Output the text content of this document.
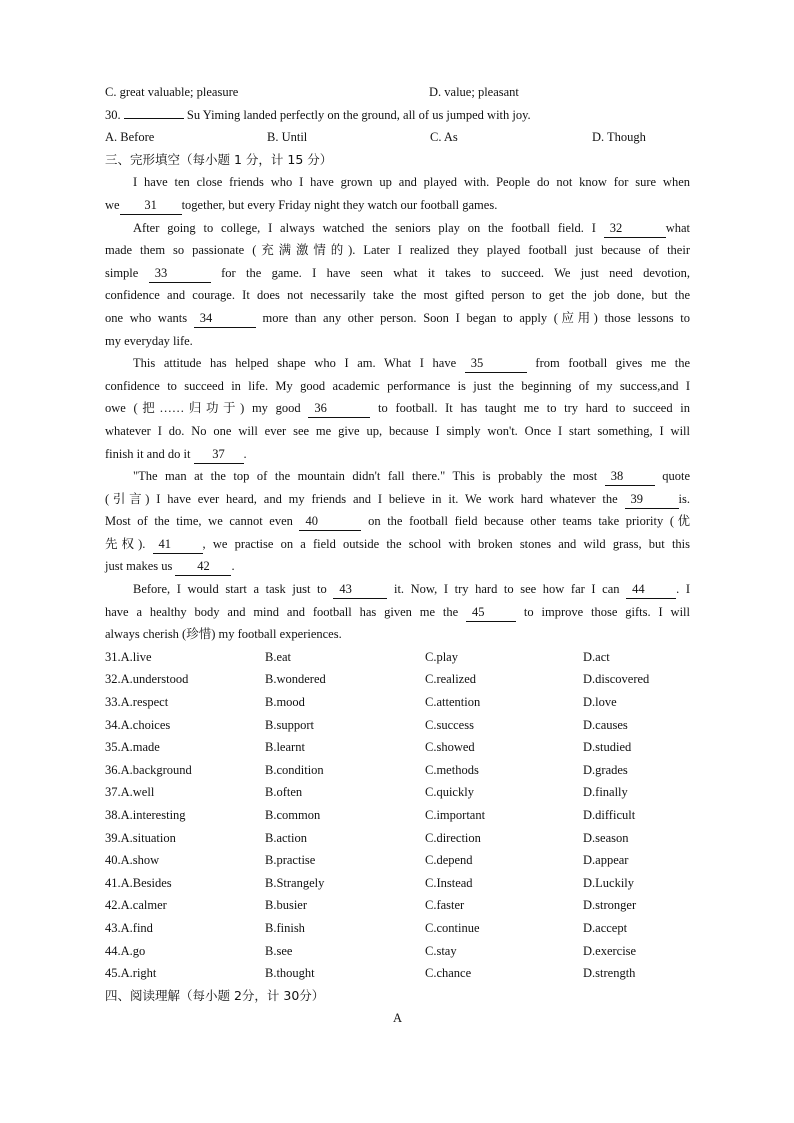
C. great valuable; pleasure	D. value; pleasant
30.	Su Yiming landed perfectly on the ground, all of us jumped with joy.
A. Before	B. Until	C. As	D. Though
三、完形填空（每小题 1 分，计 15 分）
I have ten close friends who I have grown up and played with. People do not know for sure when
we 31 together, but every Friday night they watch our football games.
After going to college, I always watched the seniors play on the football field. I 32	what
made them so passionate (充满激情的). Later I realized they played football just because of their
simple 33	for the game. I have seen what it takes to succeed. We just need devotion,
confidence and courage. It does not necessarily take the most gifted person to get the job done, but the
one who wants 34	more than any other person. Soon I began to apply (应用) those lessons to
my everyday life.
This attitude has helped shape who I am. What I have 35	from football gives me the
confidence to succeed in life. My good academic performance is just the beginning of my success,and I
owe (把……归功于) my good 36	to football. It has taught me to try hard to succeed in
whatever I do. No one will ever see me give up, because I simply won't. Once I start something, I will
finish it and do it 37 .
"The man at the top of the mountain didn't fall there." This is probably the most 38	quote
(引言) I have ever heard, and my friends and I believe in it. We work hard whatever the 39	is.
Most of the time, we cannot even 40	on the football field because other teams take priority (优
先权). 41	, we practise on a field outside the school with broken stones and wild grass, but this
just makes us 42 .
Before, I would start a task just to 43	it. Now, I try hard to see how far I can 44	. I
have a healthy body and mind and football has given me the 45	to improve those gifts. I will
always cherish (珍惜) my football experiences.
31.A.live	B.eat	C.play	D.act
32.A.understood	B.wondered	C.realized	D.discovered
33.A.respect	B.mood	C.attention	D.love
34.A.choices	B.support	C.success	D.causes
35.A.made	B.learnt	C.showed	D.studied
36.A.background	B.condition	C.methods	D.grades
37.A.well	B.often	C.quickly	D.finally
38.A.interesting	B.common	C.important	D.difficult
39.A.situation	B.action	C.direction	D.season
40.A.show	B.practise	C.depend	D.appear
41.A.Besides	B.Strangely	C.Instead	D.Luckily
42.A.calmer	B.busier	C.faster	D.stronger
43.A.find	B.finish	C.continue	D.accept
44.A.go	B.see	C.stay	D.exercise
45.A.right	B.thought	C.chance	D.strength
四、阅读理解（每小题 2分，计 30分）
A
